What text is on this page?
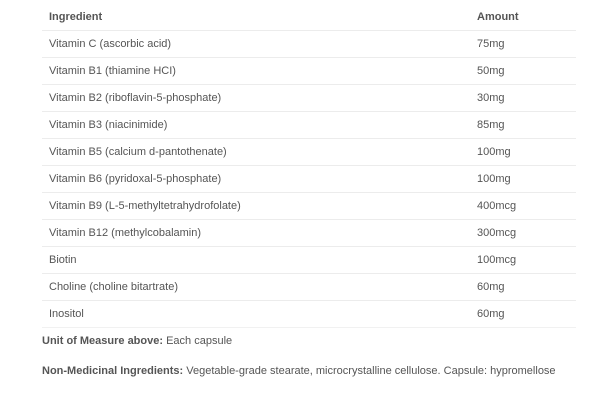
Ingredient	Amount
Vitamin C (ascorbic acid)	75mg
Vitamin B1 (thiamine HCI)	50mg
Vitamin B2 (riboflavin-5-phosphate)	30mg
Vitamin B3 (niacinimide)	85mg
Vitamin B5 (calcium d-pantothenate)	100mg
Vitamin B6 (pyridoxal-5-phosphate)	100mg
Vitamin B9 (L-5-methyltetrahydrofolate)	400mcg
Vitamin B12 (methylcobalamin)	300mcg
Biotin	100mcg
Choline (choline bitartrate)	60mg
Inositol	60mg
Unit of Measure above: Each capsule
Non-Medicinal Ingredients: Vegetable-grade stearate, microcrystalline cellulose. Capsule: hypromellose
